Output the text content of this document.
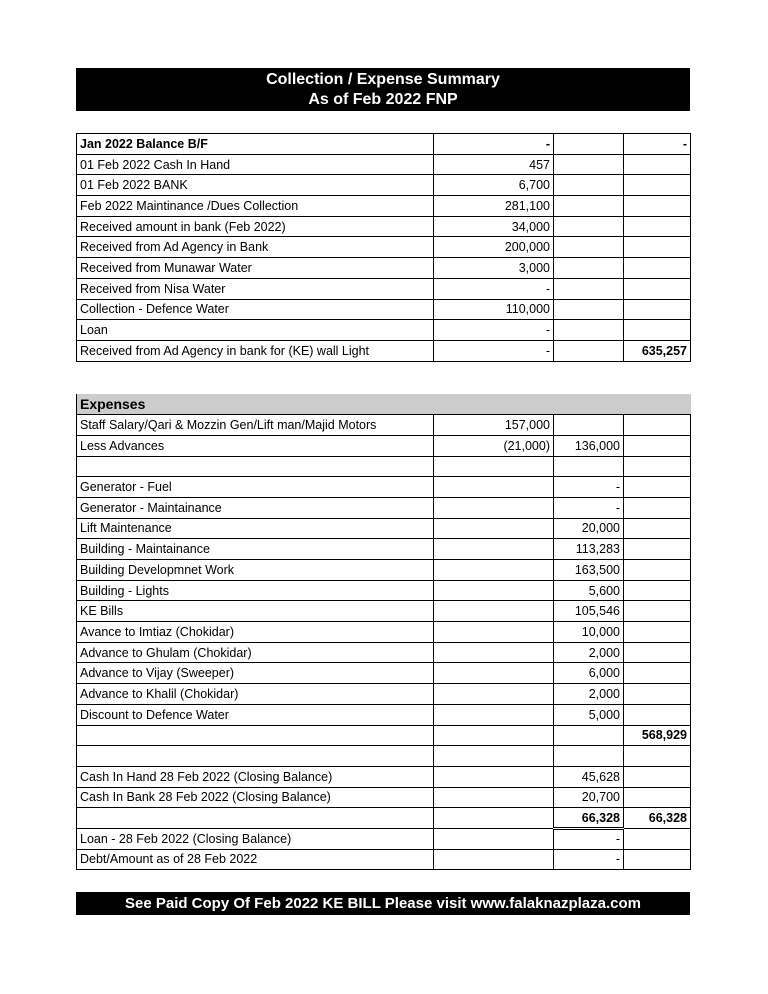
Collection / Expense Summary
As of Feb 2022 FNP
Jan 2022 Balance B/F	-		-
01 Feb 2022 Cash In Hand	457		
01 Feb 2022 BANK	6,700		
Feb 2022 Maintinance /Dues Collection	281,100		
Received amount in bank (Feb 2022)	34,000		
Received from Ad Agency in Bank	200,000		
Received from Munawar Water	3,000		
Received from Nisa Water	-		
Collection - Defence Water	110,000		
Loan	-		
Received from Ad Agency in bank for (KE) wall Light	-		635,257
Expenses			
Staff Salary/Qari & Mozzin Gen/Lift man/Majid Motors	157,000		
Less Advances	(21,000)	136,000	

Generator - Fuel		-	
Generator - Maintainance		-	
Lift Maintenance		20,000	
Building - Maintainance		113,283	
Building Developmnet Work		163,500	
Building - Lights		5,600	
KE Bills		105,546	
Avance to Imtiaz (Chokidar)		10,000	
Advance to Ghulam (Chokidar)		2,000	
Advance to Vijay (Sweeper)		6,000	
Advance to Khalil (Chokidar)		2,000	
Discount to Defence Water		5,000	
			568,929

Cash In Hand 28 Feb 2022 (Closing Balance)		45,628	
Cash In Bank 28 Feb 2022 (Closing Balance)		20,700	
		66,328	66,328
Loan - 28 Feb 2022 (Closing Balance)		-	
Debt/Amount as of 28 Feb 2022		-	
See Paid Copy Of Feb 2022 KE BILL Please visit www.falaknazplaza.com
